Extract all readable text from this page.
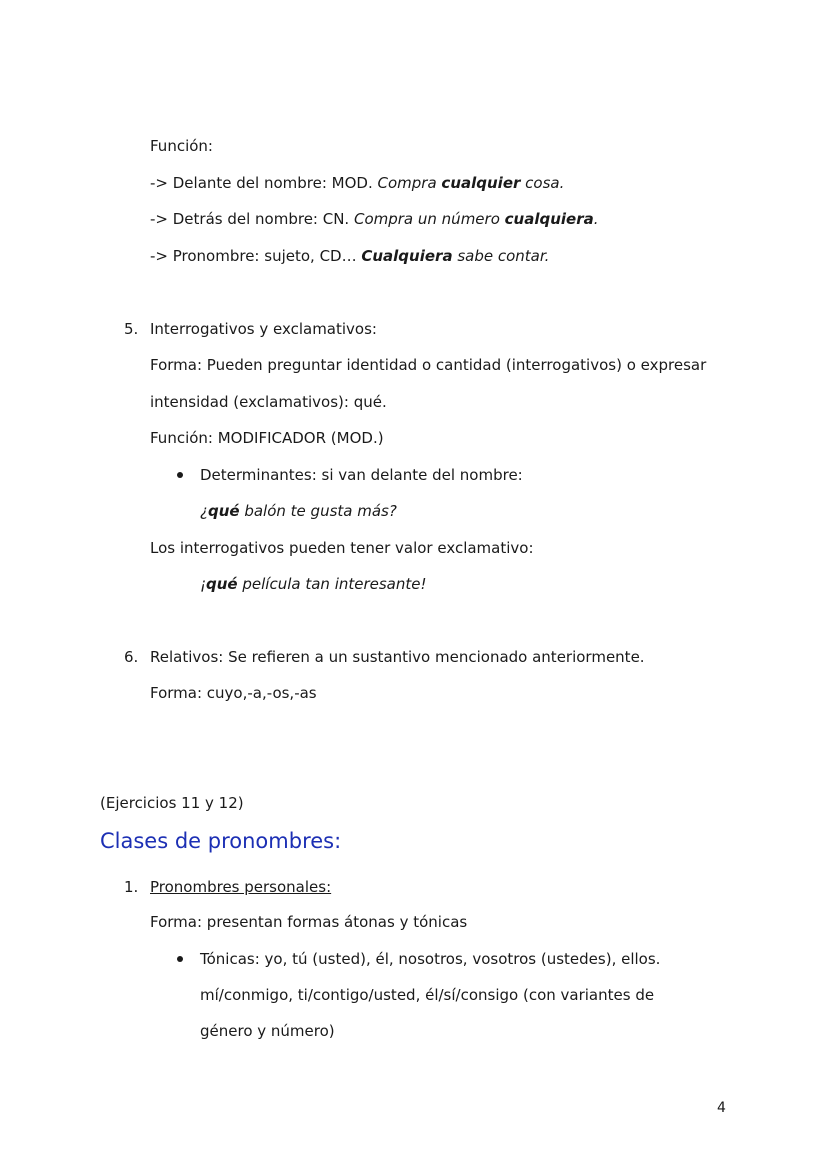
Función:
-> Delante del nombre: MOD. Compra cualquier cosa.
-> Detrás del nombre: CN. Compra un número cualquiera.
-> Pronombre: sujeto, CD… Cualquiera sabe contar.
5. Interrogativos y exclamativos:
Forma: Pueden preguntar identidad o cantidad (interrogativos) o expresar
intensidad (exclamativos): qué.
Función: MODIFICADOR (MOD.)
Determinantes: si van delante del nombre:
¿qué balón te gusta más?
Los interrogativos pueden tener valor exclamativo:
¡qué película tan interesante!
6. Relativos: Se refieren a un sustantivo mencionado anteriormente.
Forma: cuyo,-a,-os,-as
(Ejercicios 11 y 12)
Clases de pronombres:
1. Pronombres personales:
Forma: presentan formas átonas y tónicas
Tónicas: yo, tú (usted), él, nosotros, vosotros (ustedes), ellos.
mí/conmigo, ti/contigo/usted, él/sí/consigo (con variantes de
género y número)
4
